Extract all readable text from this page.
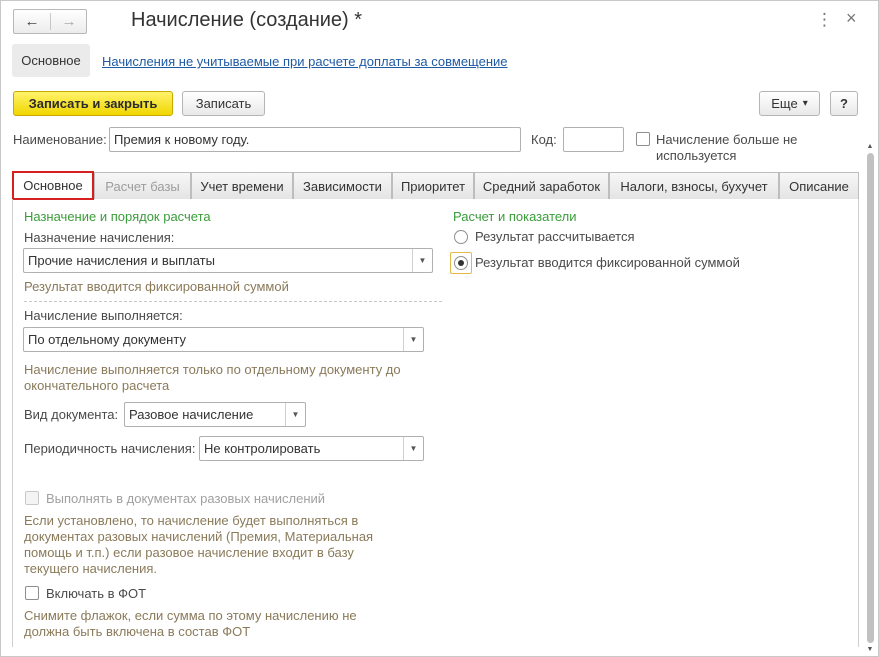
← →	Начисление (создание) *	⋮ ×
Основное	Начисления не учитываемые при расчете доплаты за совмещение
Записать и закрыть	Записать	Еще ▾	?
Наименование: Премия к новому году.	Код:	Начисление больше не
используется
Основное	Расчет базы	Учет времени	Зависимости	Приоритет	Средний заработок	Налоги, взносы, бухучет	Описание
Назначение и порядок расчета
Назначение начисления:
Прочие начисления и выплаты	▼
Результат вводится фиксированной суммой
Начисление выполняется:
По отдельному документу	▼
Начисление выполняется только по отдельному документу до
окончательного расчета
Вид документа: Разовое начисление	▼
Периодичность начисления: Не контролировать	▼
Выполнять в документах разовых начислений
Если установлено, то начисление будет выполняться в
документах разовых начислений (Премия, Материальная
помощь и т.п.) если разовое начисление входит в базу
текущего начисления.
Включать в ФОТ
Снимите флажок, если сумма по этому начислению не
должна быть включена в состав ФОТ
Расчет и показатели
Результат рассчитывается
Результат вводится фиксированной суммой
▲
▼
